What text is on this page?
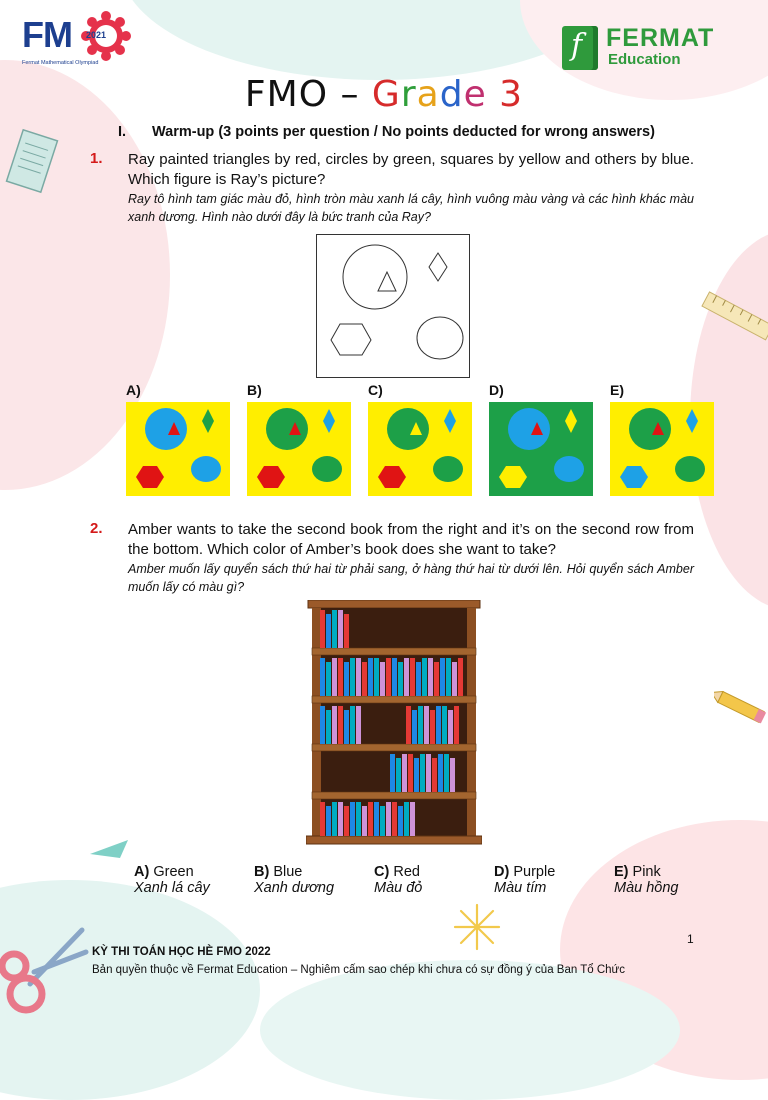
FM 2021
Fermat Mathematical Olympiad	f FERMAT
Education
FMO – Grade 3
I. Warm-up (3 points per question / No points deducted for wrong answers)
1. Ray painted triangles by red, circles by green, squares by yellow and others by blue. Which figure is Ray’s picture?
Ray tô hình tam giác màu đỏ, hình tròn màu xanh lá cây, hình vuông màu vàng và các hình khác màu xanh dương. Hình nào dưới đây là bức tranh của Ray?
A)	B)	C)	D)	E)
2. Amber wants to take the second book from the right and it’s on the second row from the bottom. Which color of Amber’s book does she want to take?
Amber muốn lấy quyển sách thứ hai từ phải sang, ở hàng thứ hai từ dưới lên. Hỏi quyển sách Amber muốn lấy có màu gì?
A) Green
Xanh lá cây
B) Blue
Xanh dương
C) Red
Màu đỏ
D) Purple
Màu tím
E) Pink
Màu hồng
1
KỲ THI TOÁN HỌC HÈ FMO 2022
Bản quyền thuộc về Fermat Education – Nghiêm cấm sao chép khi chưa có sự đồng ý của Ban Tổ Chức
